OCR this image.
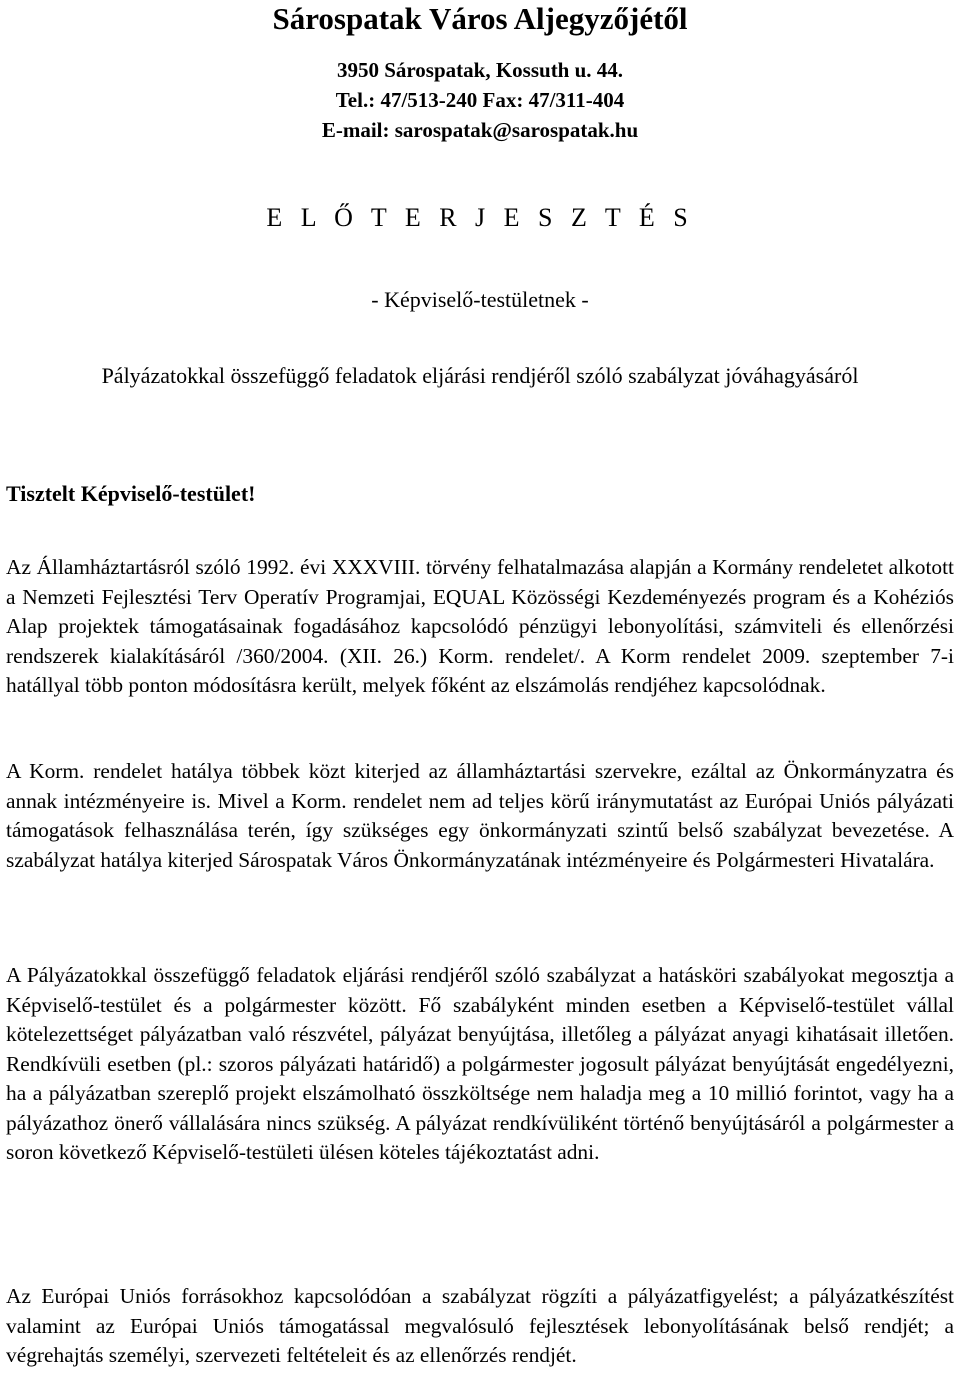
Sárospatak Város Aljegyzőjétől
3950 Sárospatak, Kossuth u. 44.
Tel.: 47/513-240 Fax: 47/311-404
E-mail: sarospatak@sarospatak.hu
E L Ő T E R J E S Z T É S
- Képviselő-testületnek -
Pályázatokkal összefüggő feladatok eljárási rendjéről szóló szabályzat jóváhagyásáról
Tisztelt Képviselő-testület!
Az Államháztartásról szóló 1992. évi XXXVIII. törvény felhatalmazása alapján a Kormány rendeletet alkotott a Nemzeti Fejlesztési Terv Operatív Programjai, EQUAL Közösségi Kezdeményezés program és a Kohéziós Alap projektek támogatásainak fogadásához kapcsolódó pénzügyi lebonyolítási, számviteli és ellenőrzési rendszerek kialakításáról /360/2004. (XII. 26.) Korm. rendelet/. A Korm rendelet 2009. szeptember 7-i hatállyal több ponton módosításra került, melyek főként az elszámolás rendjéhez kapcsolódnak.
A Korm. rendelet hatálya többek közt kiterjed az államháztartási szervekre, ezáltal az Önkormányzatra és annak intézményeire is. Mivel a Korm. rendelet nem ad teljes körű iránymutatást az Európai Uniós pályázati támogatások felhasználása terén, így szükséges egy önkormányzati szintű belső szabályzat bevezetése. A szabályzat hatálya kiterjed Sárospatak Város Önkormányzatának intézményeire és Polgármesteri Hivatalára.
A Pályázatokkal összefüggő feladatok eljárási rendjéről szóló szabályzat a hatásköri szabályokat megosztja a Képviselő-testület és a polgármester között. Fő szabályként minden esetben a Képviselő-testület vállal kötelezettséget pályázatban való részvétel, pályázat benyújtása, illetőleg a pályázat anyagi kihatásait illetően. Rendkívüli esetben (pl.: szoros pályázati határidő) a polgármester jogosult pályázat benyújtását engedélyezni, ha a pályázatban szereplő projekt elszámolható összköltsége nem haladja meg a 10 millió forintot, vagy ha a pályázathoz önerő vállalására nincs szükség. A pályázat rendkívüliként történő benyújtásáról a polgármester a soron következő Képviselő-testületi ülésen köteles tájékoztatást adni.
Az Európai Uniós forrásokhoz kapcsolódóan a szabályzat rögzíti a pályázatfigyelést; a pályázatkészítést valamint az Európai Uniós támogatással megvalósuló fejlesztések lebonyolításának belső rendjét; a végrehajtás személyi, szervezeti feltételeit és az ellenőrzés rendjét.
